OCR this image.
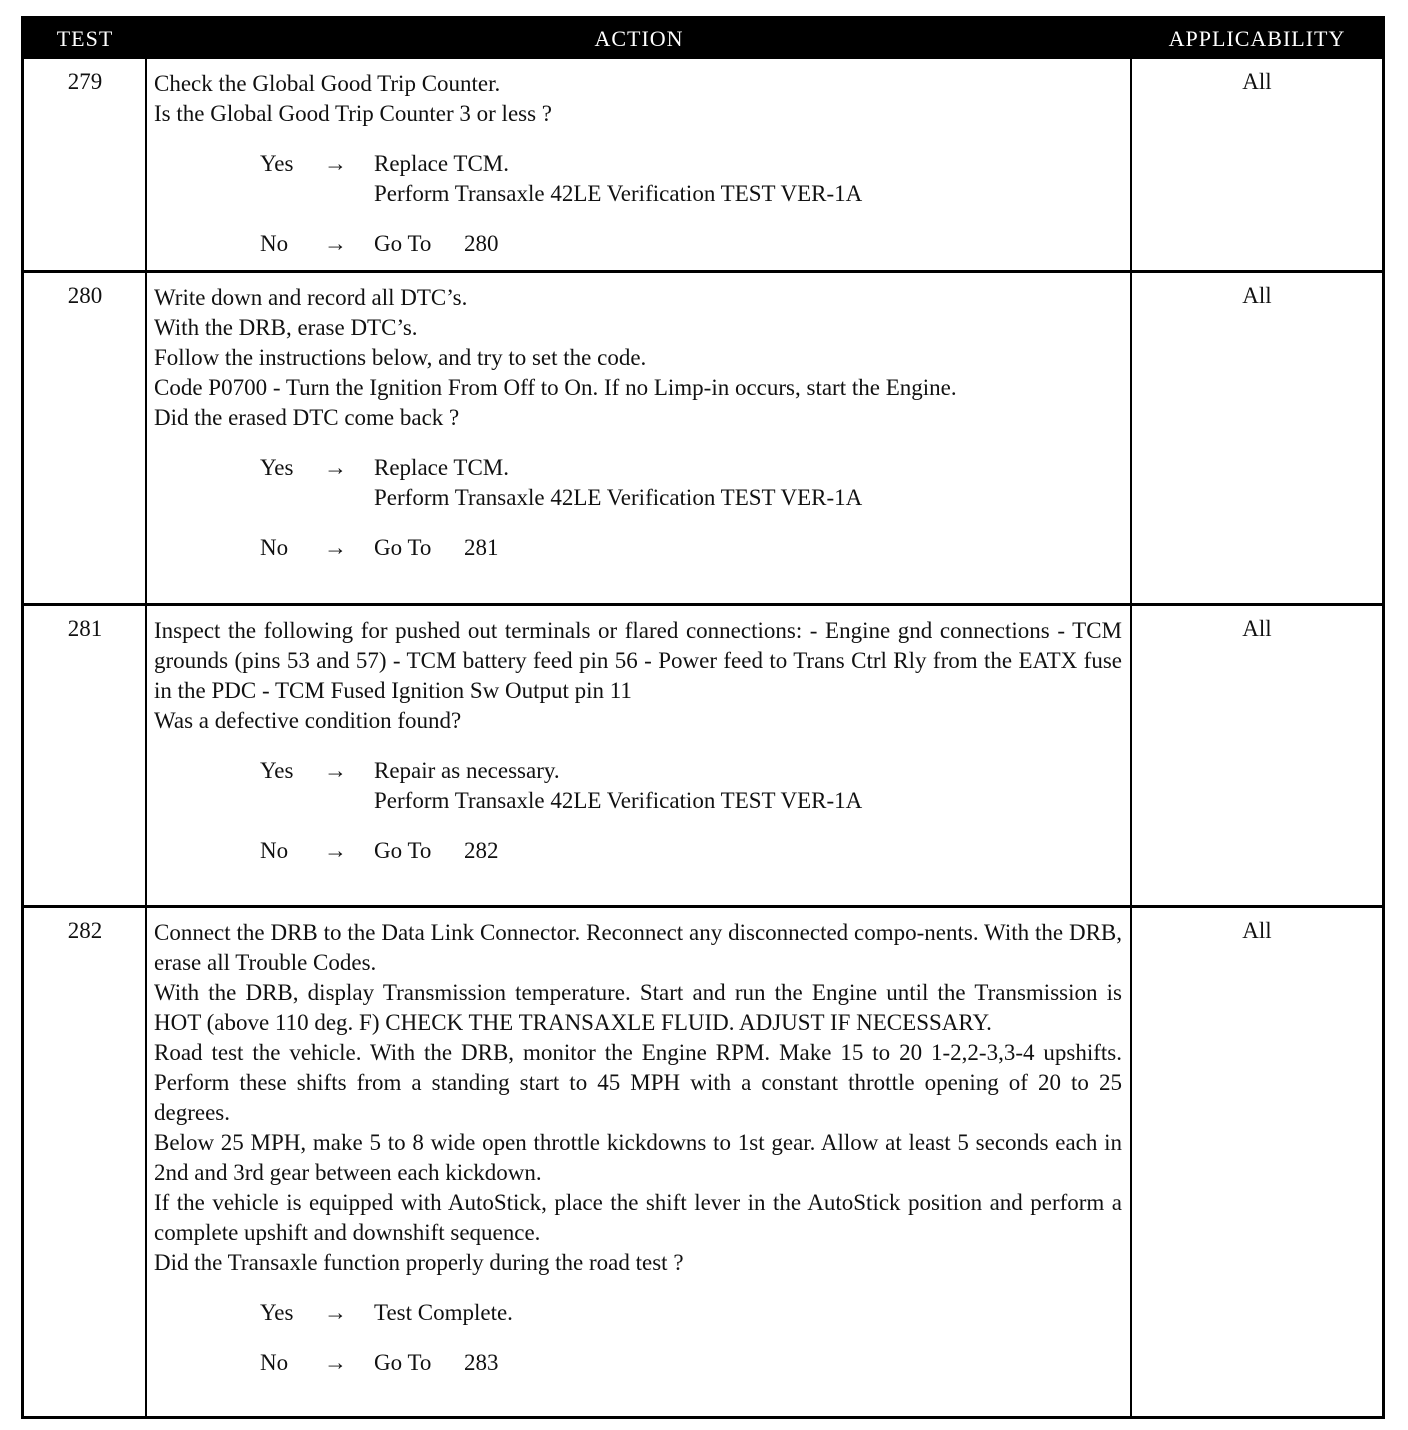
TEST	ACTION	APPLICABILITY
279	Check the Global Good Trip Counter.

Is the Global Good Trip Counter 3 or less ?

Yes → Replace TCM.
Perform Transaxle 42LE Verification TEST VER-1A
No → Go To 280
All
280	Write down and record all DTC’s.

With the DRB, erase DTC’s.

Follow the instructions below, and try to set the code.

Code P0700 - Turn the Ignition From Off to On. If no Limp-in occurs, start the Engine.

Did the erased DTC come back ?

Yes → Replace TCM.
Perform Transaxle 42LE Verification TEST VER-1A
No → Go To 281
All
281	Inspect the following for pushed out terminals or flared connections: - Engine gnd connections - TCM grounds (pins 53 and 57) - TCM battery feed pin 56 - Power feed to Trans Ctrl Rly from the EATX fuse in the PDC - TCM Fused Ignition Sw Output pin 11

Was a defective condition found?

Yes → Repair as necessary.
Perform Transaxle 42LE Verification TEST VER-1A
No → Go To 282
All
282	Connect the DRB to the Data Link Connector. Reconnect any disconnected compo-nents. With the DRB, erase all Trouble Codes.

With the DRB, display Transmission temperature. Start and run the Engine until the Transmission is HOT (above 110 deg. F) CHECK THE TRANSAXLE FLUID. ADJUST IF NECESSARY.

Road test the vehicle. With the DRB, monitor the Engine RPM. Make 15 to 20 1-2,2-3,3-4 upshifts. Perform these shifts from a standing start to 45 MPH with a constant throttle opening of 20 to 25 degrees.

Below 25 MPH, make 5 to 8 wide open throttle kickdowns to 1st gear. Allow at least 5 seconds each in 2nd and 3rd gear between each kickdown.

If the vehicle is equipped with AutoStick, place the shift lever in the AutoStick position and perform a complete upshift and downshift sequence.

Did the Transaxle function properly during the road test ?

Yes → Test Complete.
No → Go To 283
All
